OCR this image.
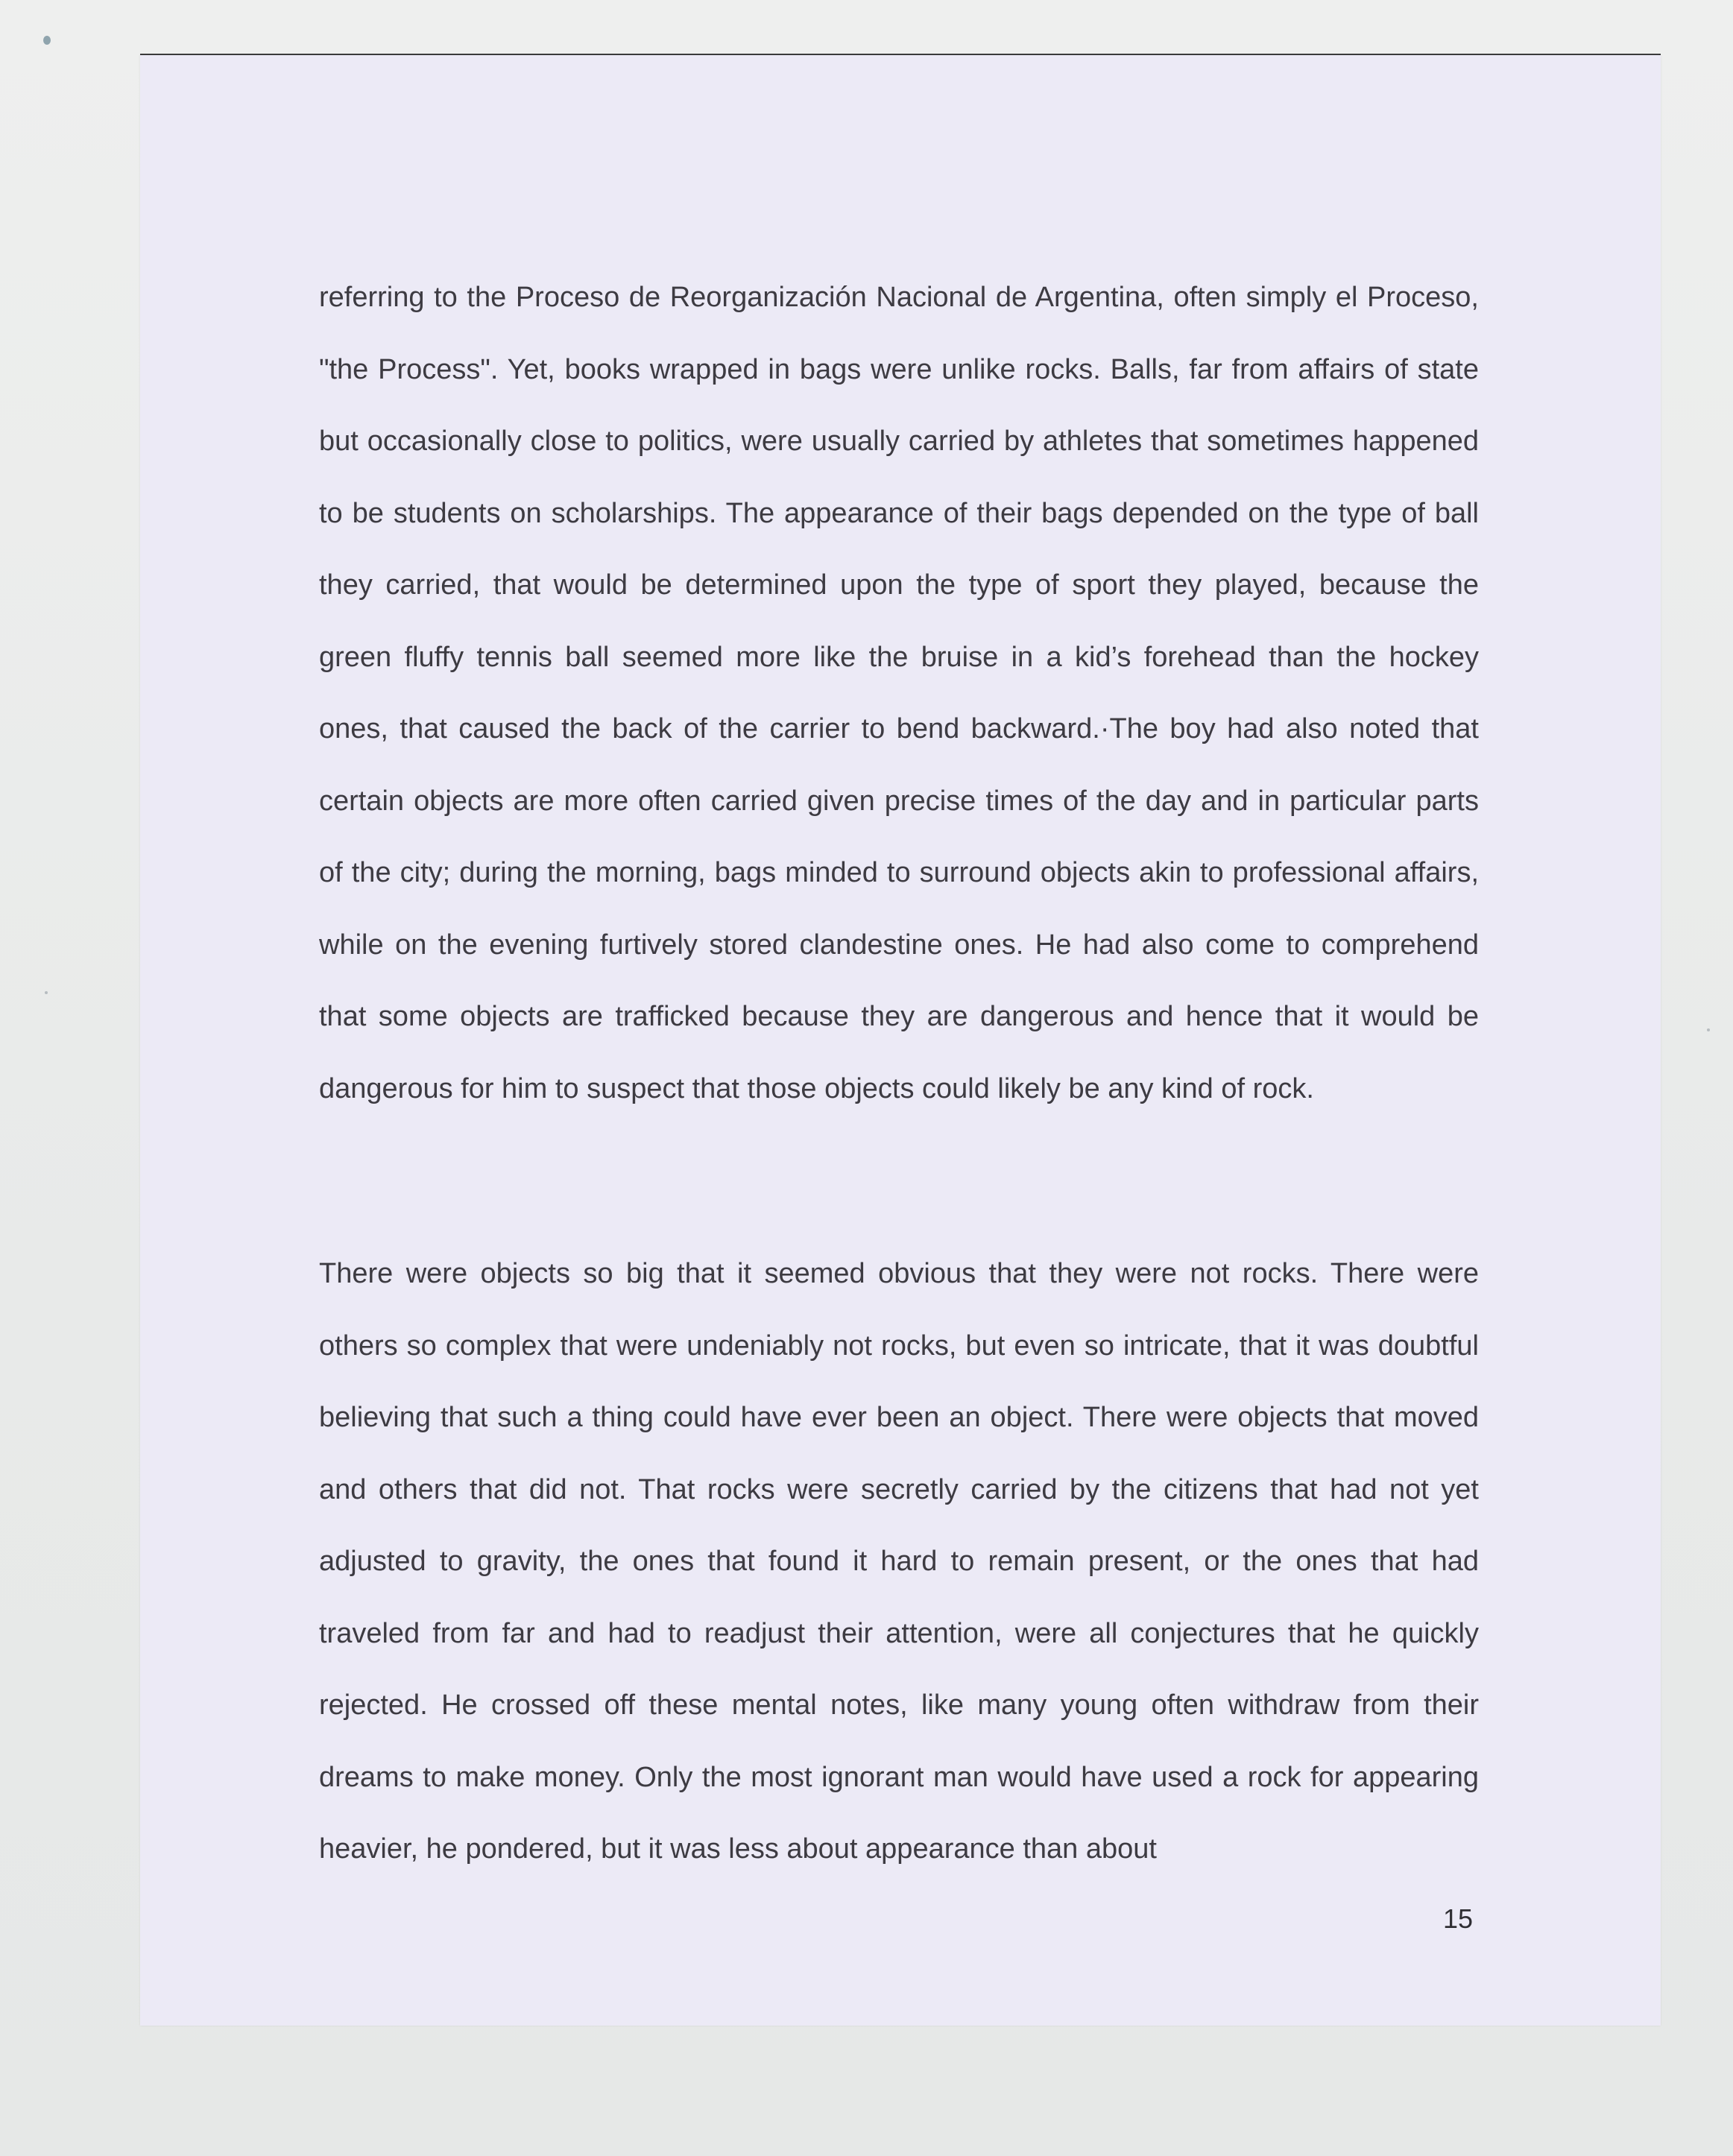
referring to the Proceso de Reorganización Nacional de Argentina, often simply el Proceso, "the Process". Yet, books wrapped in bags were unlike rocks. Balls, far from affairs of state but occasionally close to politics, were usually carried by athletes that sometimes happened to be students on scholarships. The appearance of their bags depended on the type of ball they carried, that would be determined upon the type of sport they played, because the green fluffy tennis ball seemed more like the bruise in a kid’s forehead than the hockey ones, that caused the back of the carrier to bend backward.·The boy had also noted that certain objects are more often carried given precise times of the day and in particular parts of the city; during the morning, bags minded to surround objects akin to professional affairs, while on the evening furtively stored clandestine ones. He had also come to comprehend that some objects are trafficked because they are dangerous and hence that it would be dangerous for him to suspect that those objects could likely be any kind of rock.

There were objects so big that it seemed obvious that they were not rocks. There were others so complex that were undeniably not rocks, but even so intricate, that it was doubtful believing that such a thing could have ever been an object. There were objects that moved and others that did not. That rocks were secretly carried by the citizens that had not yet adjusted to gravity, the ones that found it hard to remain present, or the ones that had traveled from far and had to readjust their attention, were all conjectures that he quickly rejected. He crossed off these mental notes, like many young often withdraw from their dreams to make money. Only the most ignorant man would have used a rock for appearing heavier, he pondered, but it was less about appearance than about

15
